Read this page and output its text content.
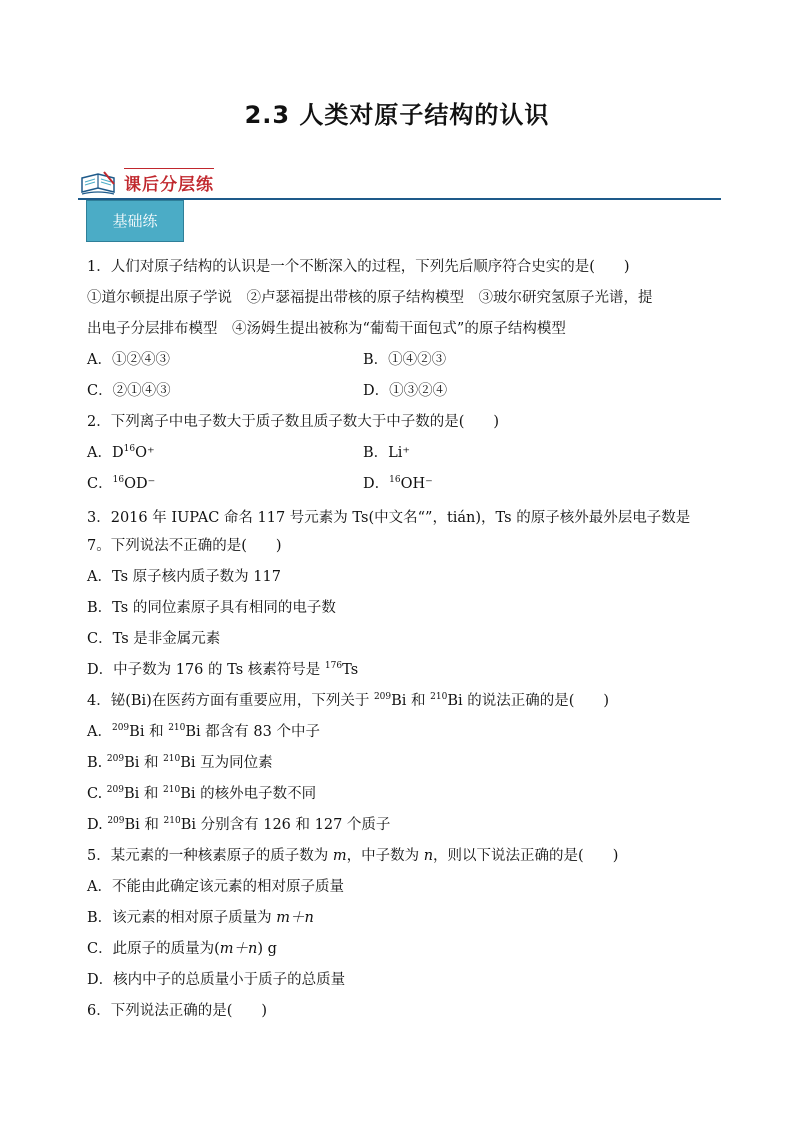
2.3 人类对原子结构的认识
课后分层练
基础练
1．人们对原子结构的认识是一个不断深入的过程，下列先后顺序符合史实的是(　　)
①道尔顿提出原子学说　②卢瑟福提出带核的原子结构模型　③玻尔研究氢原子光谱，提
出电子分层排布模型　④汤姆生提出被称为“葡萄干面包式”的原子结构模型
A．①②④③	B．①④②③
C．②①④③	D．①③②④
2．下列离子中电子数大于质子数且质子数大于中子数的是(　　)
A．$D^{16}O^+$	B．Li⁺
C．$^{16}$OD⁻	D．$^{16}$OH⁻
3．2016 年 IUPAC 命名 117 号元素为 Ts(中文名“”，tián)，Ts 的原子核外最外层电子数是
7。下列说法不正确的是(　　)
A．Ts 原子核内质子数为 117
B．Ts 的同位素原子具有相同的电子数
C．Ts 是非金属元素
D．中子数为 176 的 Ts 核素符号是 $^{176}$Ts
4．铋(Bi)在医药方面有重要应用，下列关于 $^{209}$Bi 和 $^{210}$Bi 的说法正确的是(　　)
A．$^{209}$Bi 和 $^{210}$Bi 都含有 83 个中子
B. $^{209}$Bi 和 $^{210}$Bi 互为同位素
C. $^{209}$Bi 和 $^{210}$Bi 的核外电子数不同
D. $^{209}$Bi 和 $^{210}$Bi 分别含有 126 和 127 个质子
5．某元素的一种核素原子的质子数为 m，中子数为 n，则以下说法正确的是(　　)
A．不能由此确定该元素的相对原子质量
B．该元素的相对原子质量为 m＋n
C．此原子的质量为(m＋n) g
D．核内中子的总质量小于质子的总质量
6．下列说法正确的是(　　)
